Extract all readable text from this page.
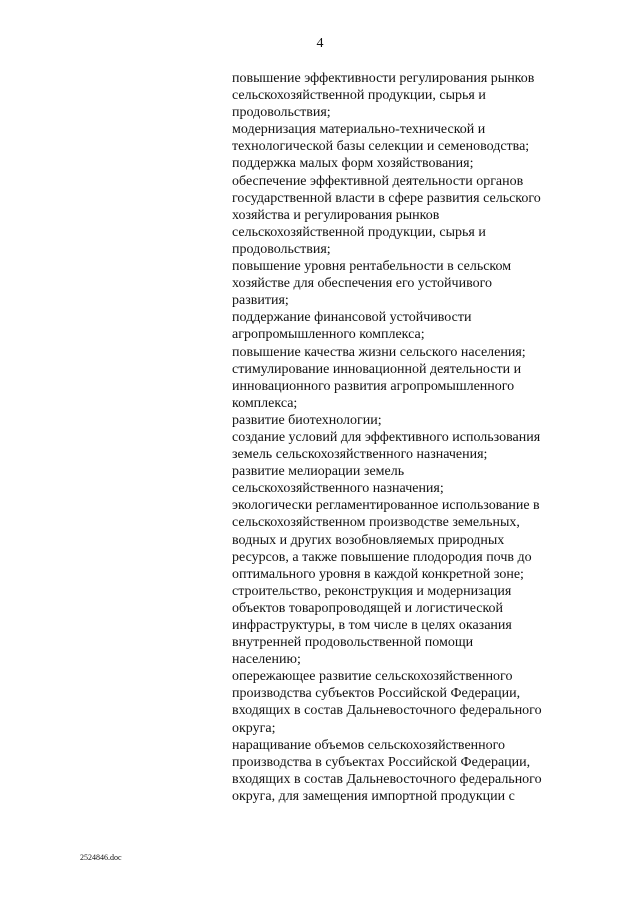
4
повышение эффективности регулирования рынков
сельскохозяйственной продукции, сырья и
продовольствия;
модернизация материально-технической и
технологической базы селекции и семеноводства;
поддержка малых форм хозяйствования;
обеспечение эффективной деятельности органов
государственной власти в сфере развития сельского
хозяйства и регулирования рынков
сельскохозяйственной продукции, сырья и
продовольствия;
повышение уровня рентабельности в сельском
хозяйстве для обеспечения его устойчивого
развития;
поддержание финансовой устойчивости
агропромышленного комплекса;
повышение качества жизни сельского населения;
стимулирование инновационной деятельности и
инновационного развития агропромышленного
комплекса;
развитие биотехнологии;
создание условий для эффективного использования
земель сельскохозяйственного назначения;
развитие мелиорации земель
сельскохозяйственного назначения;
экологически регламентированное использование в
сельскохозяйственном производстве земельных,
водных и других возобновляемых природных
ресурсов, а также повышение плодородия почв до
оптимального уровня в каждой конкретной зоне;
строительство, реконструкция и модернизация
объектов товаропроводящей и логистической
инфраструктуры, в том числе в целях оказания
внутренней продовольственной помощи
населению;
опережающее развитие сельскохозяйственного
производства субъектов Российской Федерации,
входящих в состав Дальневосточного федерального
округа;
наращивание объемов сельскохозяйственного
производства в субъектах Российской Федерации,
входящих в состав Дальневосточного федерального
округа, для замещения импортной продукции с
2524846.doc
